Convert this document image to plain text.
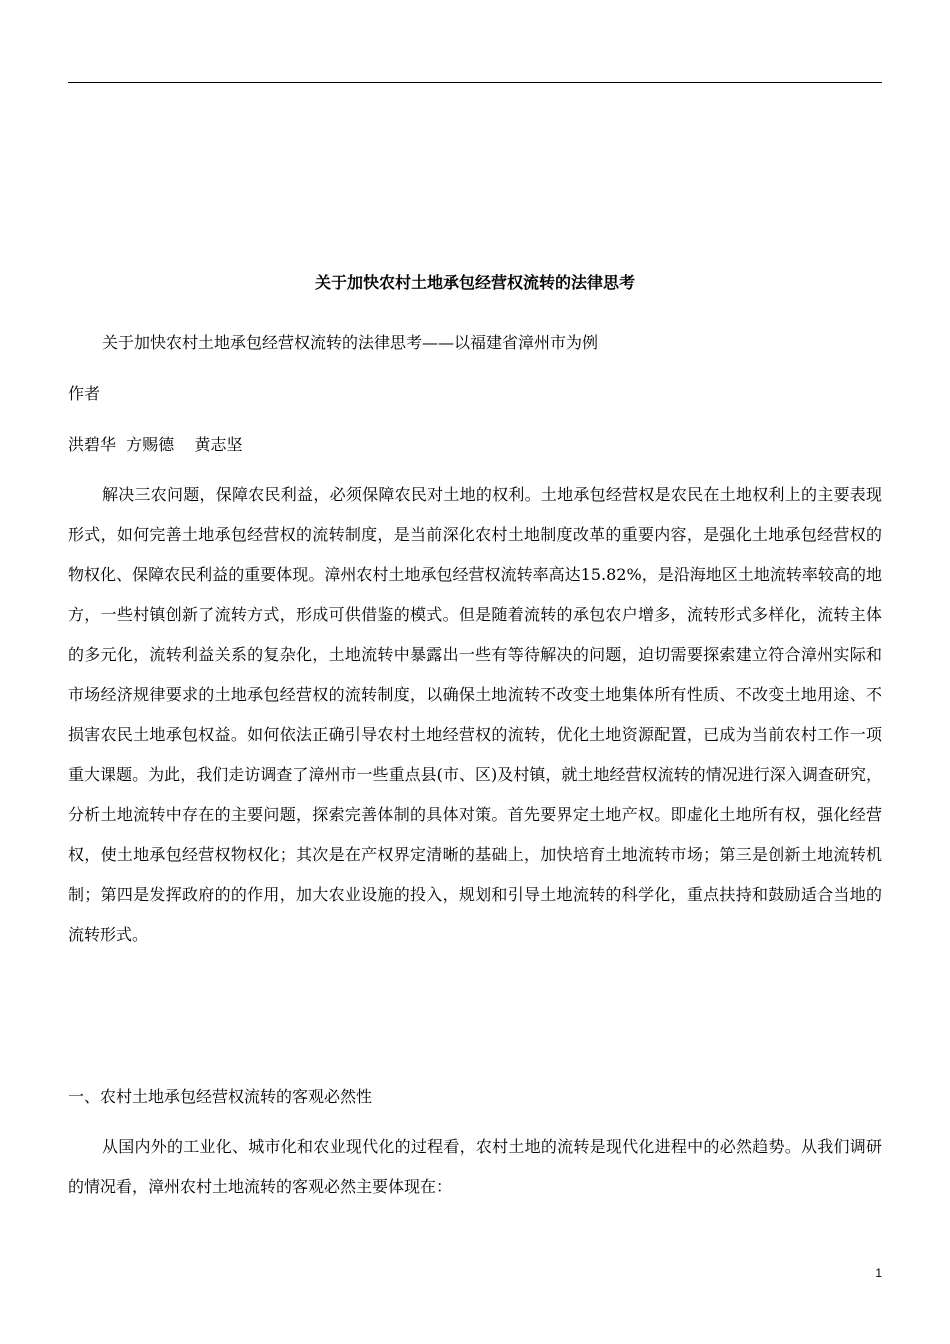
关于加快农村土地承包经营权流转的法律思考
关于加快农村土地承包经营权流转的法律思考——以福建省漳州市为例
作者
洪碧华  方赐德    黄志坚

解决三农问题，保障农民利益，必须保障农民对土地的权利。土地承包经营权是农民在土地权利上的主要表现形式，如何完善土地承包经营权的流转制度，是当前深化农村土地制度改革的重要内容，是强化土地承包经营权的物权化、保障农民利益的重要体现。漳州农村土地承包经营权流转率高达15.82%，是沿海地区土地流转率较高的地方，一些村镇创新了流转方式，形成可供借鉴的模式。但是随着流转的承包农户增多，流转形式多样化，流转主体的多元化，流转利益关系的复杂化，土地流转中暴露出一些有等待解决的问题，迫切需要探索建立符合漳州实际和市场经济规律要求的土地承包经营权的流转制度，以确保土地流转不改变土地集体所有性质、不改变土地用途、不损害农民土地承包权益。如何依法正确引导农村土地经营权的流转，优化土地资源配置，已成为当前农村工作一项重大课题。为此，我们走访调查了漳州市一些重点县(市、区)及村镇，就土地经营权流转的情况进行深入调查研究，分析土地流转中存在的主要问题，探索完善体制的具体对策。首先要界定土地产权。即虚化土地所有权，强化经营权，使土地承包经营权物权化；其次是在产权界定清晰的基础上，加快培育土地流转市场；第三是创新土地流转机制；第四是发挥政府的的作用，加大农业设施的投入，规划和引导土地流转的科学化，重点扶持和鼓励适合当地的流转形式。

一、农村土地承包经营权流转的客观必然性

从国内外的工业化、城市化和农业现代化的过程看，农村土地的流转是现代化进程中的必然趋势。从我们调研的情况看，漳州农村土地流转的客观必然主要体现在：

1
